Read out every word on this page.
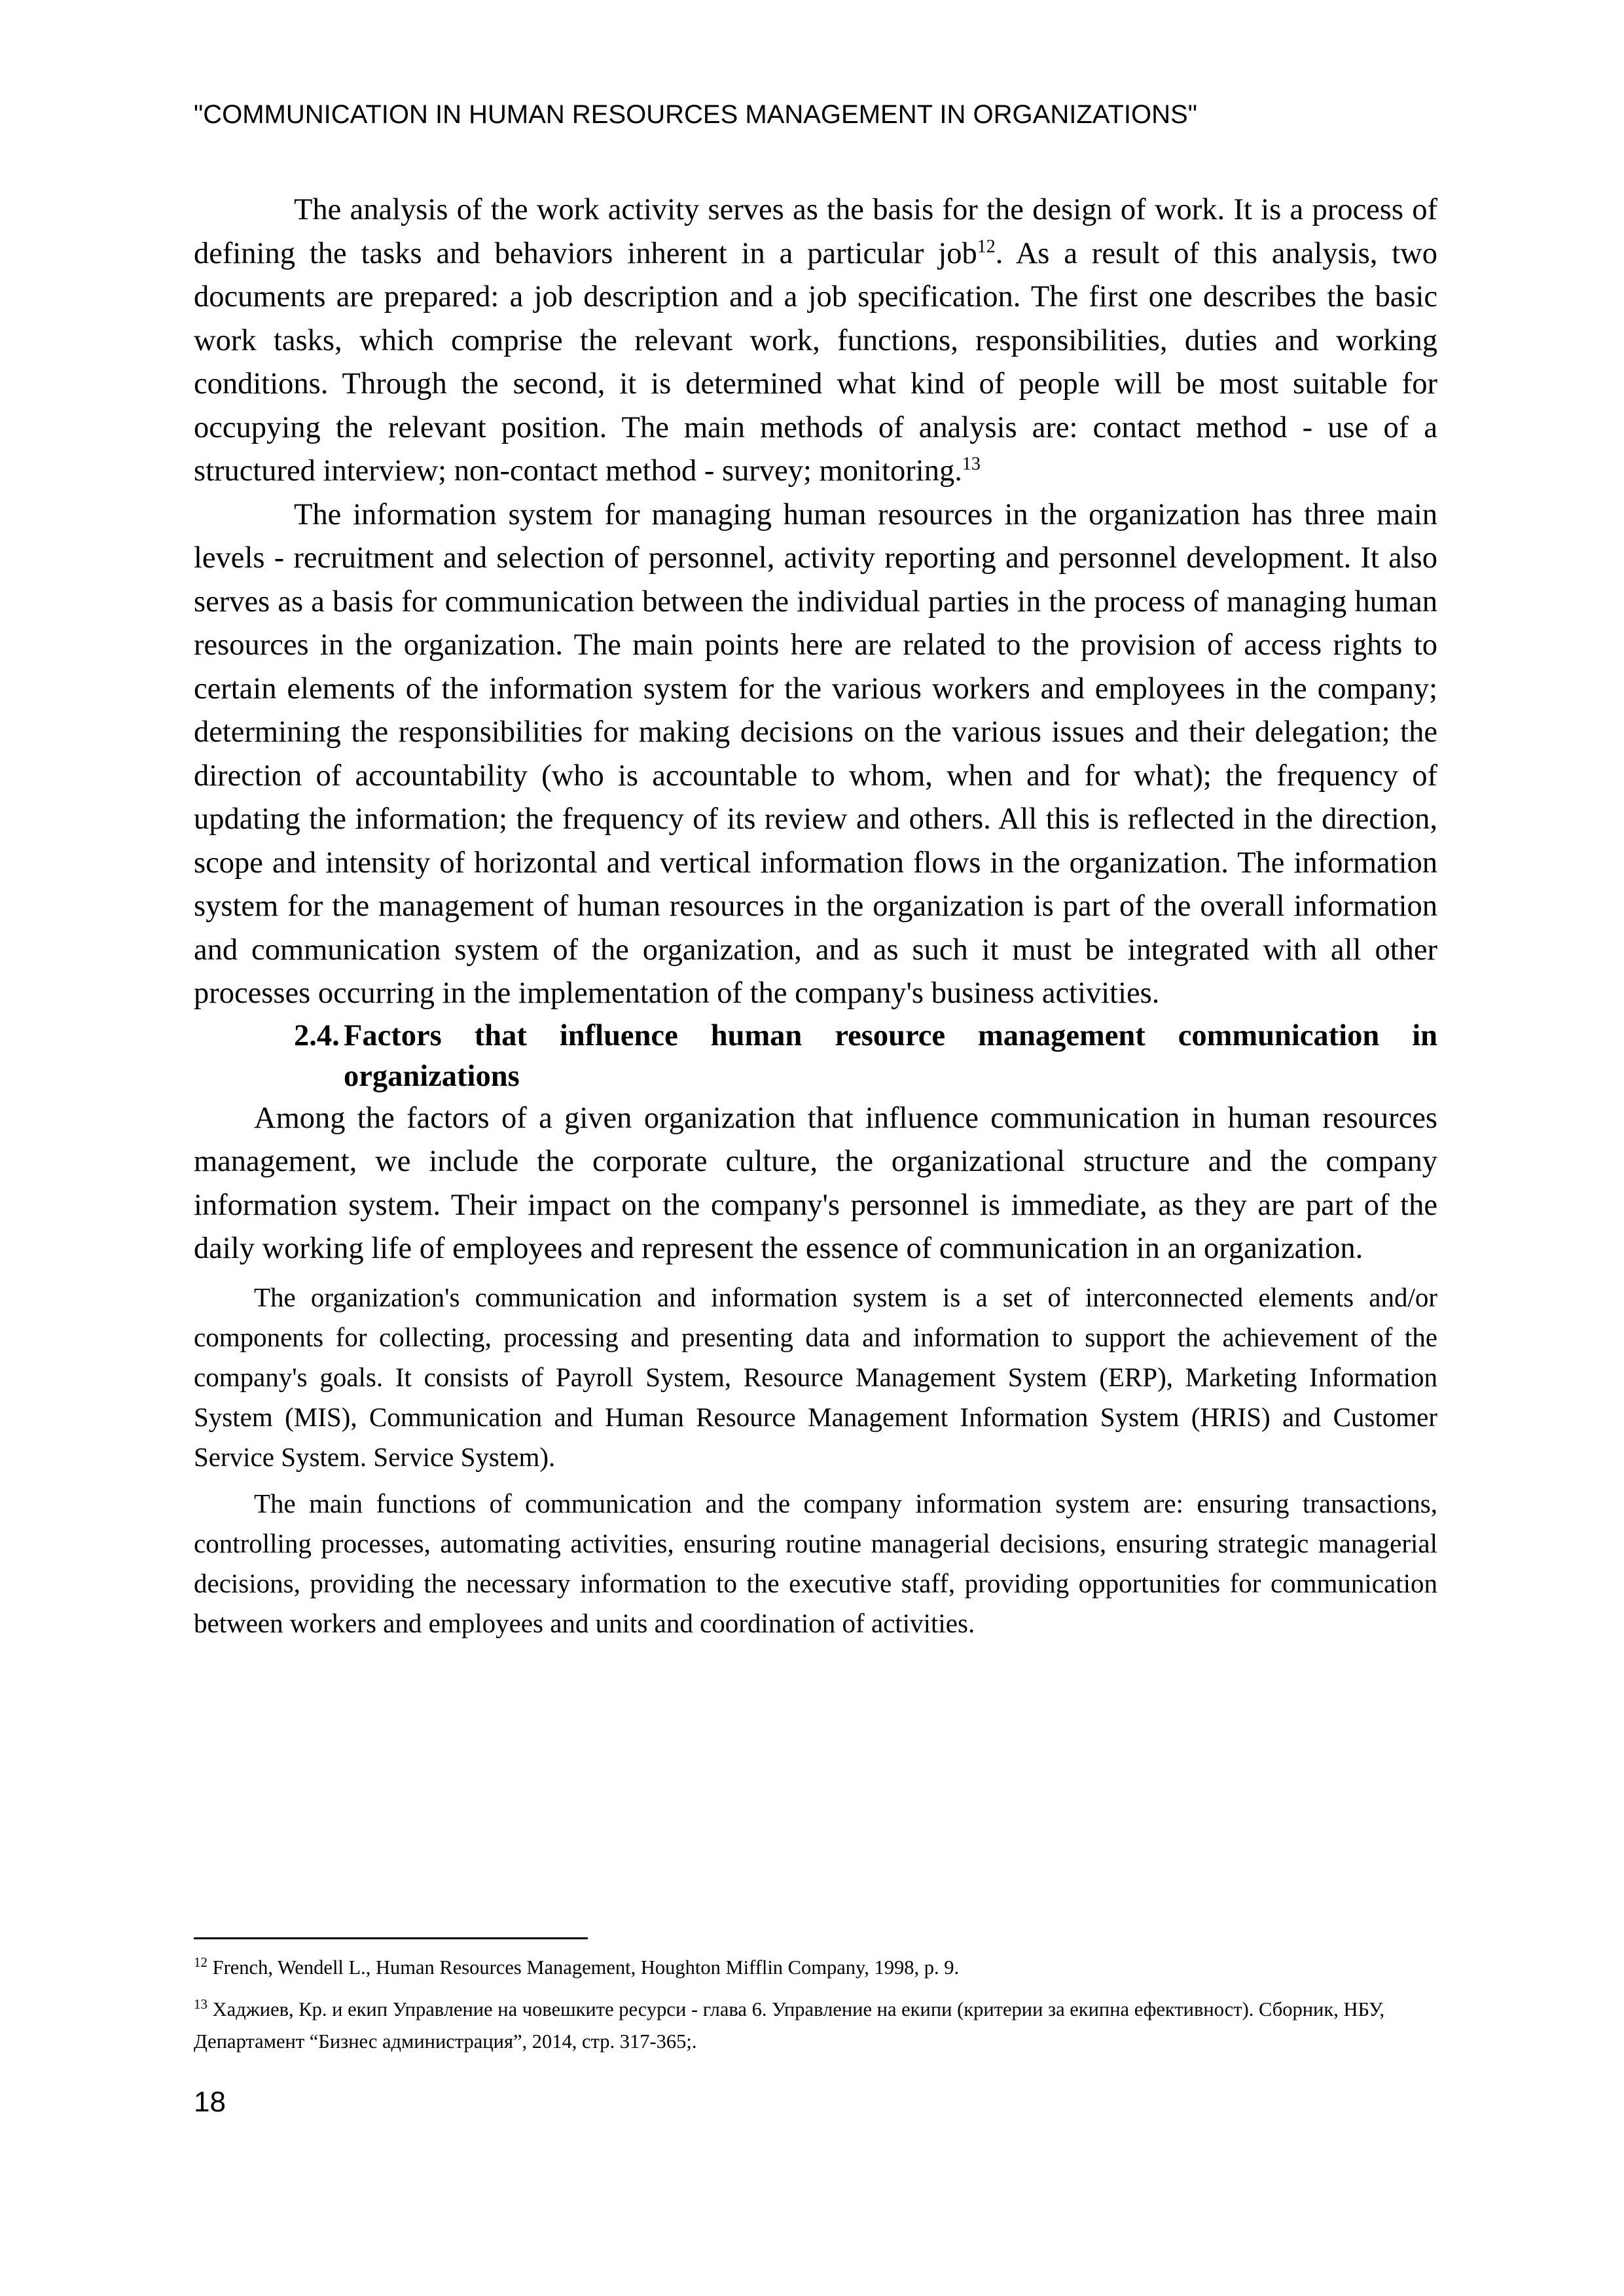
"COMMUNICATION IN HUMAN RESOURCES MANAGEMENT IN ORGANIZATIONS"

The analysis of the work activity serves as the basis for the design of work. It is a process of defining the tasks and behaviors inherent in a particular job$^{12}$. As a result of this analysis, two documents are prepared: a job description and a job specification. The first one describes the basic work tasks, which comprise the relevant work, functions, responsibilities, duties and working conditions. Through the second, it is determined what kind of people will be most suitable for occupying the relevant position. The main methods of analysis are: contact method - use of a structured interview; non-contact method - survey; monitoring.$^{13}$

The information system for managing human resources in the organization has three main levels - recruitment and selection of personnel, activity reporting and personnel development. It also serves as a basis for communication between the individual parties in the process of managing human resources in the organization. The main points here are related to the provision of access rights to certain elements of the information system for the various workers and employees in the company; determining the responsibilities for making decisions on the various issues and their delegation; the direction of accountability (who is accountable to whom, when and for what); the frequency of updating the information; the frequency of its review and others. All this is reflected in the direction, scope and intensity of horizontal and vertical information flows in the organization. The information system for the management of human resources in the organization is part of the overall information and communication system of the organization, and as such it must be integrated with all other processes occurring in the implementation of the company's business activities.

2.4. Factors that influence human resource management communication in
organizations

Among the factors of a given organization that influence communication in human resources management, we include the corporate culture, the organizational structure and the company information system. Their impact on the company's personnel is immediate, as they are part of the daily working life of employees and represent the essence of communication in an organization.

The organization's communication and information system is a set of interconnected elements and/or components for collecting, processing and presenting data and information to support the achievement of the company's goals. It consists of Payroll System, Resource Management System (ERP), Marketing Information System (MIS), Communication and Human Resource Management Information System (HRIS) and Customer Service System. Service System).

The main functions of communication and the company information system are: ensuring transactions, controlling processes, automating activities, ensuring routine managerial decisions, ensuring strategic managerial decisions, providing the necessary information to the executive staff, providing opportunities for communication between workers and employees and units and coordination of activities.

$^{12}$ French, Wendell L., Human Resources Management, Houghton Mifflin Company, 1998, p. 9.

$^{13}$ Хаджиев, Кр. и екип Управление на човешките ресурси - глава 6. Управление на екипи (критерии за екипна ефективност). Сборник, НБУ, Департамент “Бизнес администрация”, 2014, стр. 317-365;.

18
